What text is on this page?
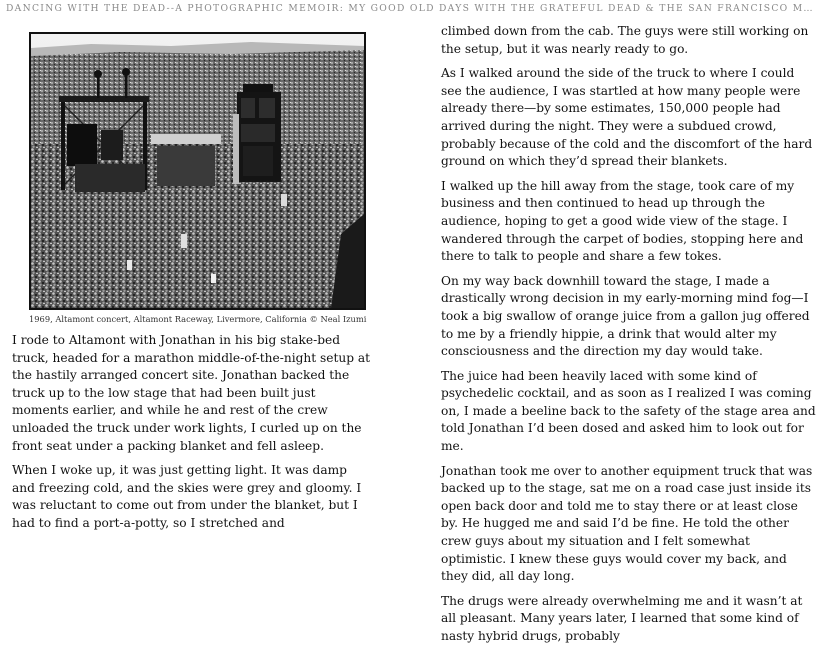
DANCING WITH THE DEAD--A PHOTOGRAPHIC MEMOIR: MY GOOD OLD DAYS WITH THE GRATEFUL DEAD & THE SAN FRANCISCO M…
1969, Altamont concert, Altamont Raceway, Livermore, California © Neal Izumi

I rode to Altamont with Jonathan in his big stake-bed truck, headed for a marathon middle-of-the-night setup at the hastily arranged concert site. Jonathan backed the truck up to the low stage that had been built just moments earlier, and while he and rest of the crew unloaded the truck under work lights, I curled up on the front seat under a packing blanket and fell asleep.

When I woke up, it was just getting light. It was damp and freezing cold, and the skies were grey and gloomy. I was reluctant to come out from under the blanket, but I had to find a port-a-potty, so I stretched and

climbed down from the cab. The guys were still working on the setup, but it was nearly ready to go.

As I walked around the side of the truck to where I could see the audience, I was startled at how many people were already there—by some estimates, 150,000 people had arrived during the night. They were a subdued crowd, probably because of the cold and the discomfort of the hard ground on which they’d spread their blankets.

I walked up the hill away from the stage, took care of my business and then continued to head up through the audience, hoping to get a good wide view of the stage. I wandered through the carpet of bodies, stopping here and there to talk to people and share a few tokes.

On my way back downhill toward the stage, I made a drastically wrong decision in my early-morning mind fog—I took a big swallow of orange juice from a gallon jug offered to me by a friendly hippie, a drink that would alter my consciousness and the direction my day would take.

The juice had been heavily laced with some kind of psychedelic cocktail, and as soon as I realized I was coming on, I made a beeline back to the safety of the stage area and told Jonathan I’d been dosed and asked him to look out for me.

Jonathan took me over to another equipment truck that was backed up to the stage, sat me on a road case just inside its open back door and told me to stay there or at least close by. He hugged me and said I’d be fine. He told the other crew guys about my situation and I felt somewhat optimistic. I knew these guys would cover my back, and they did, all day long.

The drugs were already overwhelming me and it wasn’t at all pleasant. Many years later, I learned that some kind of nasty hybrid drugs, probably
